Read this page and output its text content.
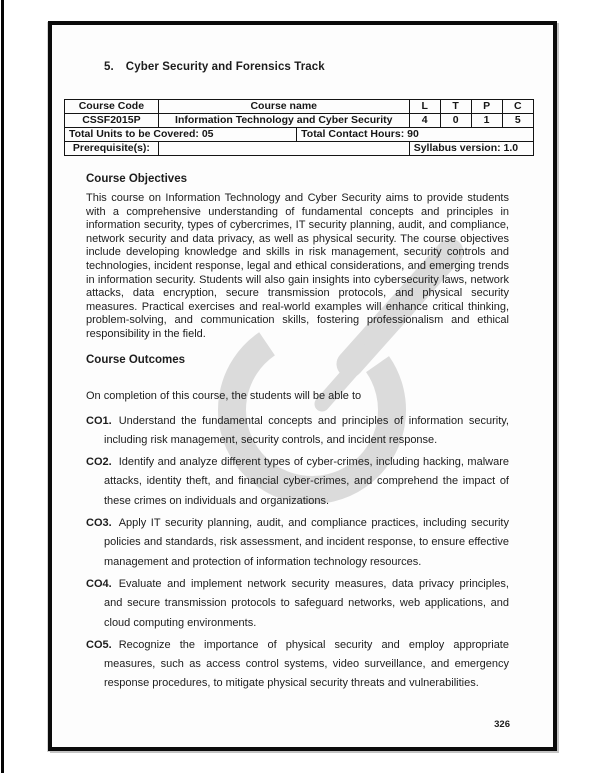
5. Cyber Security and Forensics Track
Course Code	Course name		L	T	P	C
CSSF2015P	Information Technology and Cyber Security		4	0	1	5
Total Units to be Covered: 05		Total Contact Hours: 90				
Prerequisite(s):			Syllabus version: 1.0			
Course Objectives

This course on Information Technology and Cyber Security aims to provide students with a comprehensive understanding of fundamental concepts and principles in information security, types of cybercrimes, IT security planning, audit, and compliance, network security and data privacy, as well as physical security. The course objectives include developing knowledge and skills in risk management, security controls and technologies, incident response, legal and ethical considerations, and emerging trends in information security. Students will also gain insights into cybersecurity laws, network attacks, data encryption, secure transmission protocols, and physical security measures. Practical exercises and real-world examples will enhance critical thinking, problem-solving, and communication skills, fostering professionalism and ethical responsibility in the field.

Course Outcomes

On completion of this course, the students will be able to

CO1. Understand the fundamental concepts and principles of information security, including risk management, security controls, and incident response.
CO2. Identify and analyze different types of cyber-crimes, including hacking, malware attacks, identity theft, and financial cyber-crimes, and comprehend the impact of these crimes on individuals and organizations.
CO3. Apply IT security planning, audit, and compliance practices, including security policies and standards, risk assessment, and incident response, to ensure effective management and protection of information technology resources.
CO4. Evaluate and implement network security measures, data privacy principles, and secure transmission protocols to safeguard networks, web applications, and cloud computing environments.
CO5. Recognize the importance of physical security and employ appropriate measures, such as access control systems, video surveillance, and emergency response procedures, to mitigate physical security threats and vulnerabilities.
326
